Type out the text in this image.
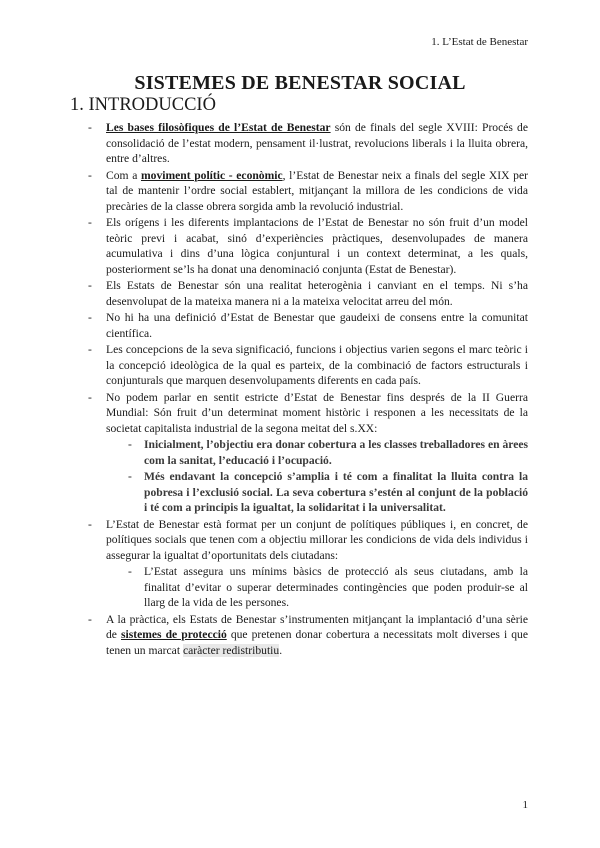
1. L’Estat de Benestar
SISTEMES DE BENESTAR SOCIAL
1. INTRODUCCIÓ
- Les bases filosòfiques de l’Estat de Benestar són de finals del segle XVIII: Procés de consolidació de l’estat modern, pensament il·lustrat, revolucions liberals i la lluita obrera, entre d’altres.
- Com a moviment polític - econòmic, l’Estat de Benestar neix a finals del segle XIX per tal de mantenir l’ordre social establert, mitjançant la millora de les condicions de vida precàries de la classe obrera sorgida amb la revolució industrial.
- Els orígens i les diferents implantacions de l’Estat de Benestar no són fruit d’un model teòric previ i acabat, sinó d’experiències pràctiques, desenvolupades de manera acumulativa i dins d’una lògica conjuntural i un context determinat, a les quals, posteriorment se’ls ha donat una denominació conjunta (Estat de Benestar).
- Els Estats de Benestar són una realitat heterogènia i canviant en el temps. Ni s’ha desenvolupat de la mateixa manera ni a la mateixa velocitat arreu del món.
- No hi ha una definició d’Estat de Benestar que gaudeixi de consens entre la comunitat científica.
- Les concepcions de la seva significació, funcions i objectius varien segons el marc teòric i la concepció ideològica de la qual es parteix, de la combinació de factors estructurals i conjunturals que marquen desenvolupaments diferents en cada país.
- No podem parlar en sentit estricte d’Estat de Benestar fins després de la II Guerra Mundial: Són fruit d’un determinat moment històric i responen a les necessitats de la societat capitalista industrial de la segona meitat del s.XX:
- Inicialment, l’objectiu era donar cobertura a les classes treballadores en àrees com la sanitat, l’educació i l’ocupació.
- Més endavant la concepció s’amplia i té com a finalitat la lluita contra la pobresa i l’exclusió social. La seva cobertura s’estén al conjunt de la població i té com a principis la igualtat, la solidaritat i la universalitat.
- L’Estat de Benestar està format per un conjunt de polítiques públiques i, en concret, de polítiques socials que tenen com a objectiu millorar les condicions de vida dels individus i assegurar la igualtat d’oportunitats dels ciutadans:
- L’Estat assegura uns mínims bàsics de protecció als seus ciutadans, amb la finalitat d’evitar o superar determinades contingències que poden produir-se al llarg de la vida de les persones.
- A la pràctica, els Estats de Benestar s’instrumenten mitjançant la implantació d’una sèrie de sistemes de protecció que pretenen donar cobertura a necessitats molt diverses i que tenen un marcat caràcter redistributiu.
1
